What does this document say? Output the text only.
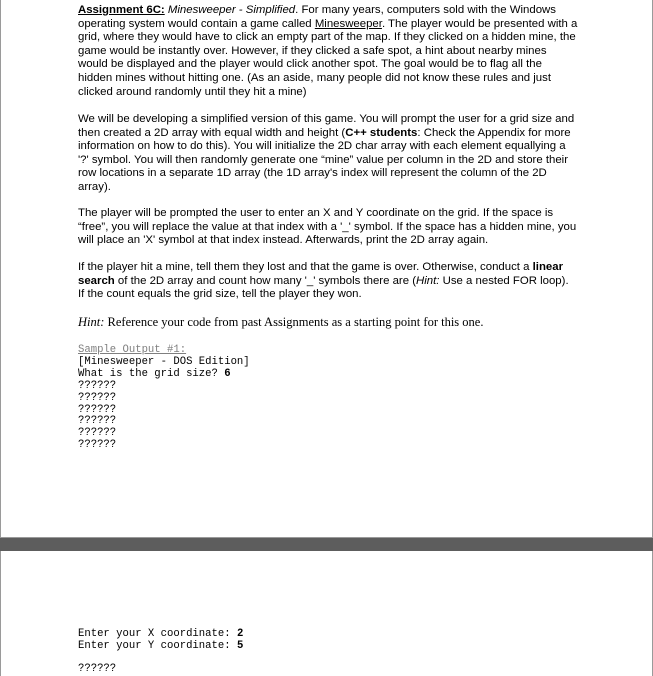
Assignment 6C: Minesweeper - Simplified. For many years, computers sold with the Windows operating system would contain a game called Minesweeper. The player would be presented with a grid, where they would have to click an empty part of the map. If they clicked on a hidden mine, the game would be instantly over. However, if they clicked a safe spot, a hint about nearby mines would be displayed and the player would click another spot. The goal would be to flag all the hidden mines without hitting one. (As an aside, many people did not know these rules and just clicked around randomly until they hit a mine)

We will be developing a simplified version of this game. You will prompt the user for a grid size and then created a 2D array with equal width and height (C++ students: Check the Appendix for more information on how to do this). You will initialize the 2D char array with each element equallying a '?' symbol. You will then randomly generate one “mine” value per column in the 2D and store their row locations in a separate 1D array (the 1D array's index will represent the column of the 2D array).

The player will be prompted the user to enter an X and Y coordinate on the grid. If the space is “free”, you will replace the value at that index with a '_' symbol. If the space has a hidden mine, you will place an 'X' symbol at that index instead. Afterwards, print the 2D array again.

If the player hit a mine, tell them they lost and that the game is over. Otherwise, conduct a linear search of the 2D array and count how many '_' symbols there are (Hint: Use a nested FOR loop). If the count equals the grid size, tell the player they won.

Hint: Reference your code from past Assignments as a starting point for this one.

Sample Output #1:
[Minesweeper - DOS Edition]
What is the grid size? 6
??????
??????
??????
??????
??????
??????
Enter your X coordinate: 2
Enter your Y coordinate: 5
??????
